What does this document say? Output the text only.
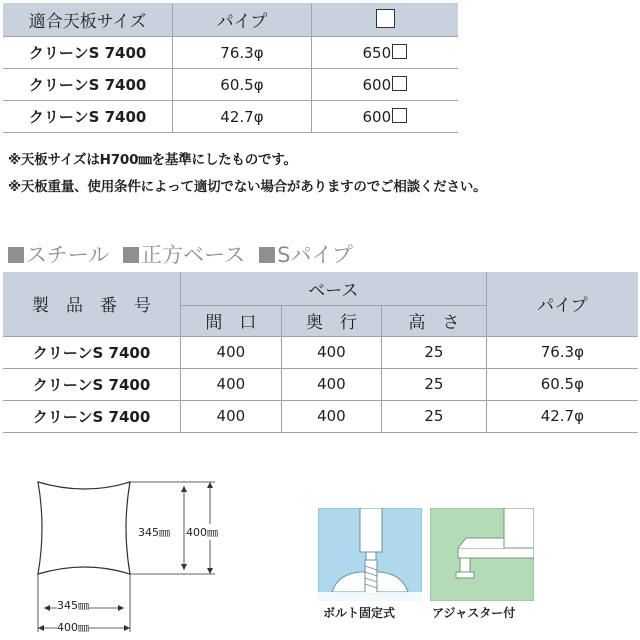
適合天板サイズ	パイプ	
クリーンS 7400	76.3φ	650
クリーンS 7400	60.5φ	600
クリーンS 7400	42.7φ	600
※天板サイズはH700㎜を基準にしたものです。
※天板重量、使用条件によって適切でない場合がありますのでご相談ください。
スチール 正方ベース Sパイプ
製　品　番　号	ベース			パイプ
	間　口	奥　行	高　さ	
クリーンS 7400	400	400	25	76.3φ
クリーンS 7400	400	400	25	60.5φ
クリーンS 7400	400	400	25	42.7φ
345㎜ 400㎜
345㎜
400㎜
ボルト固定式	アジャスター付
